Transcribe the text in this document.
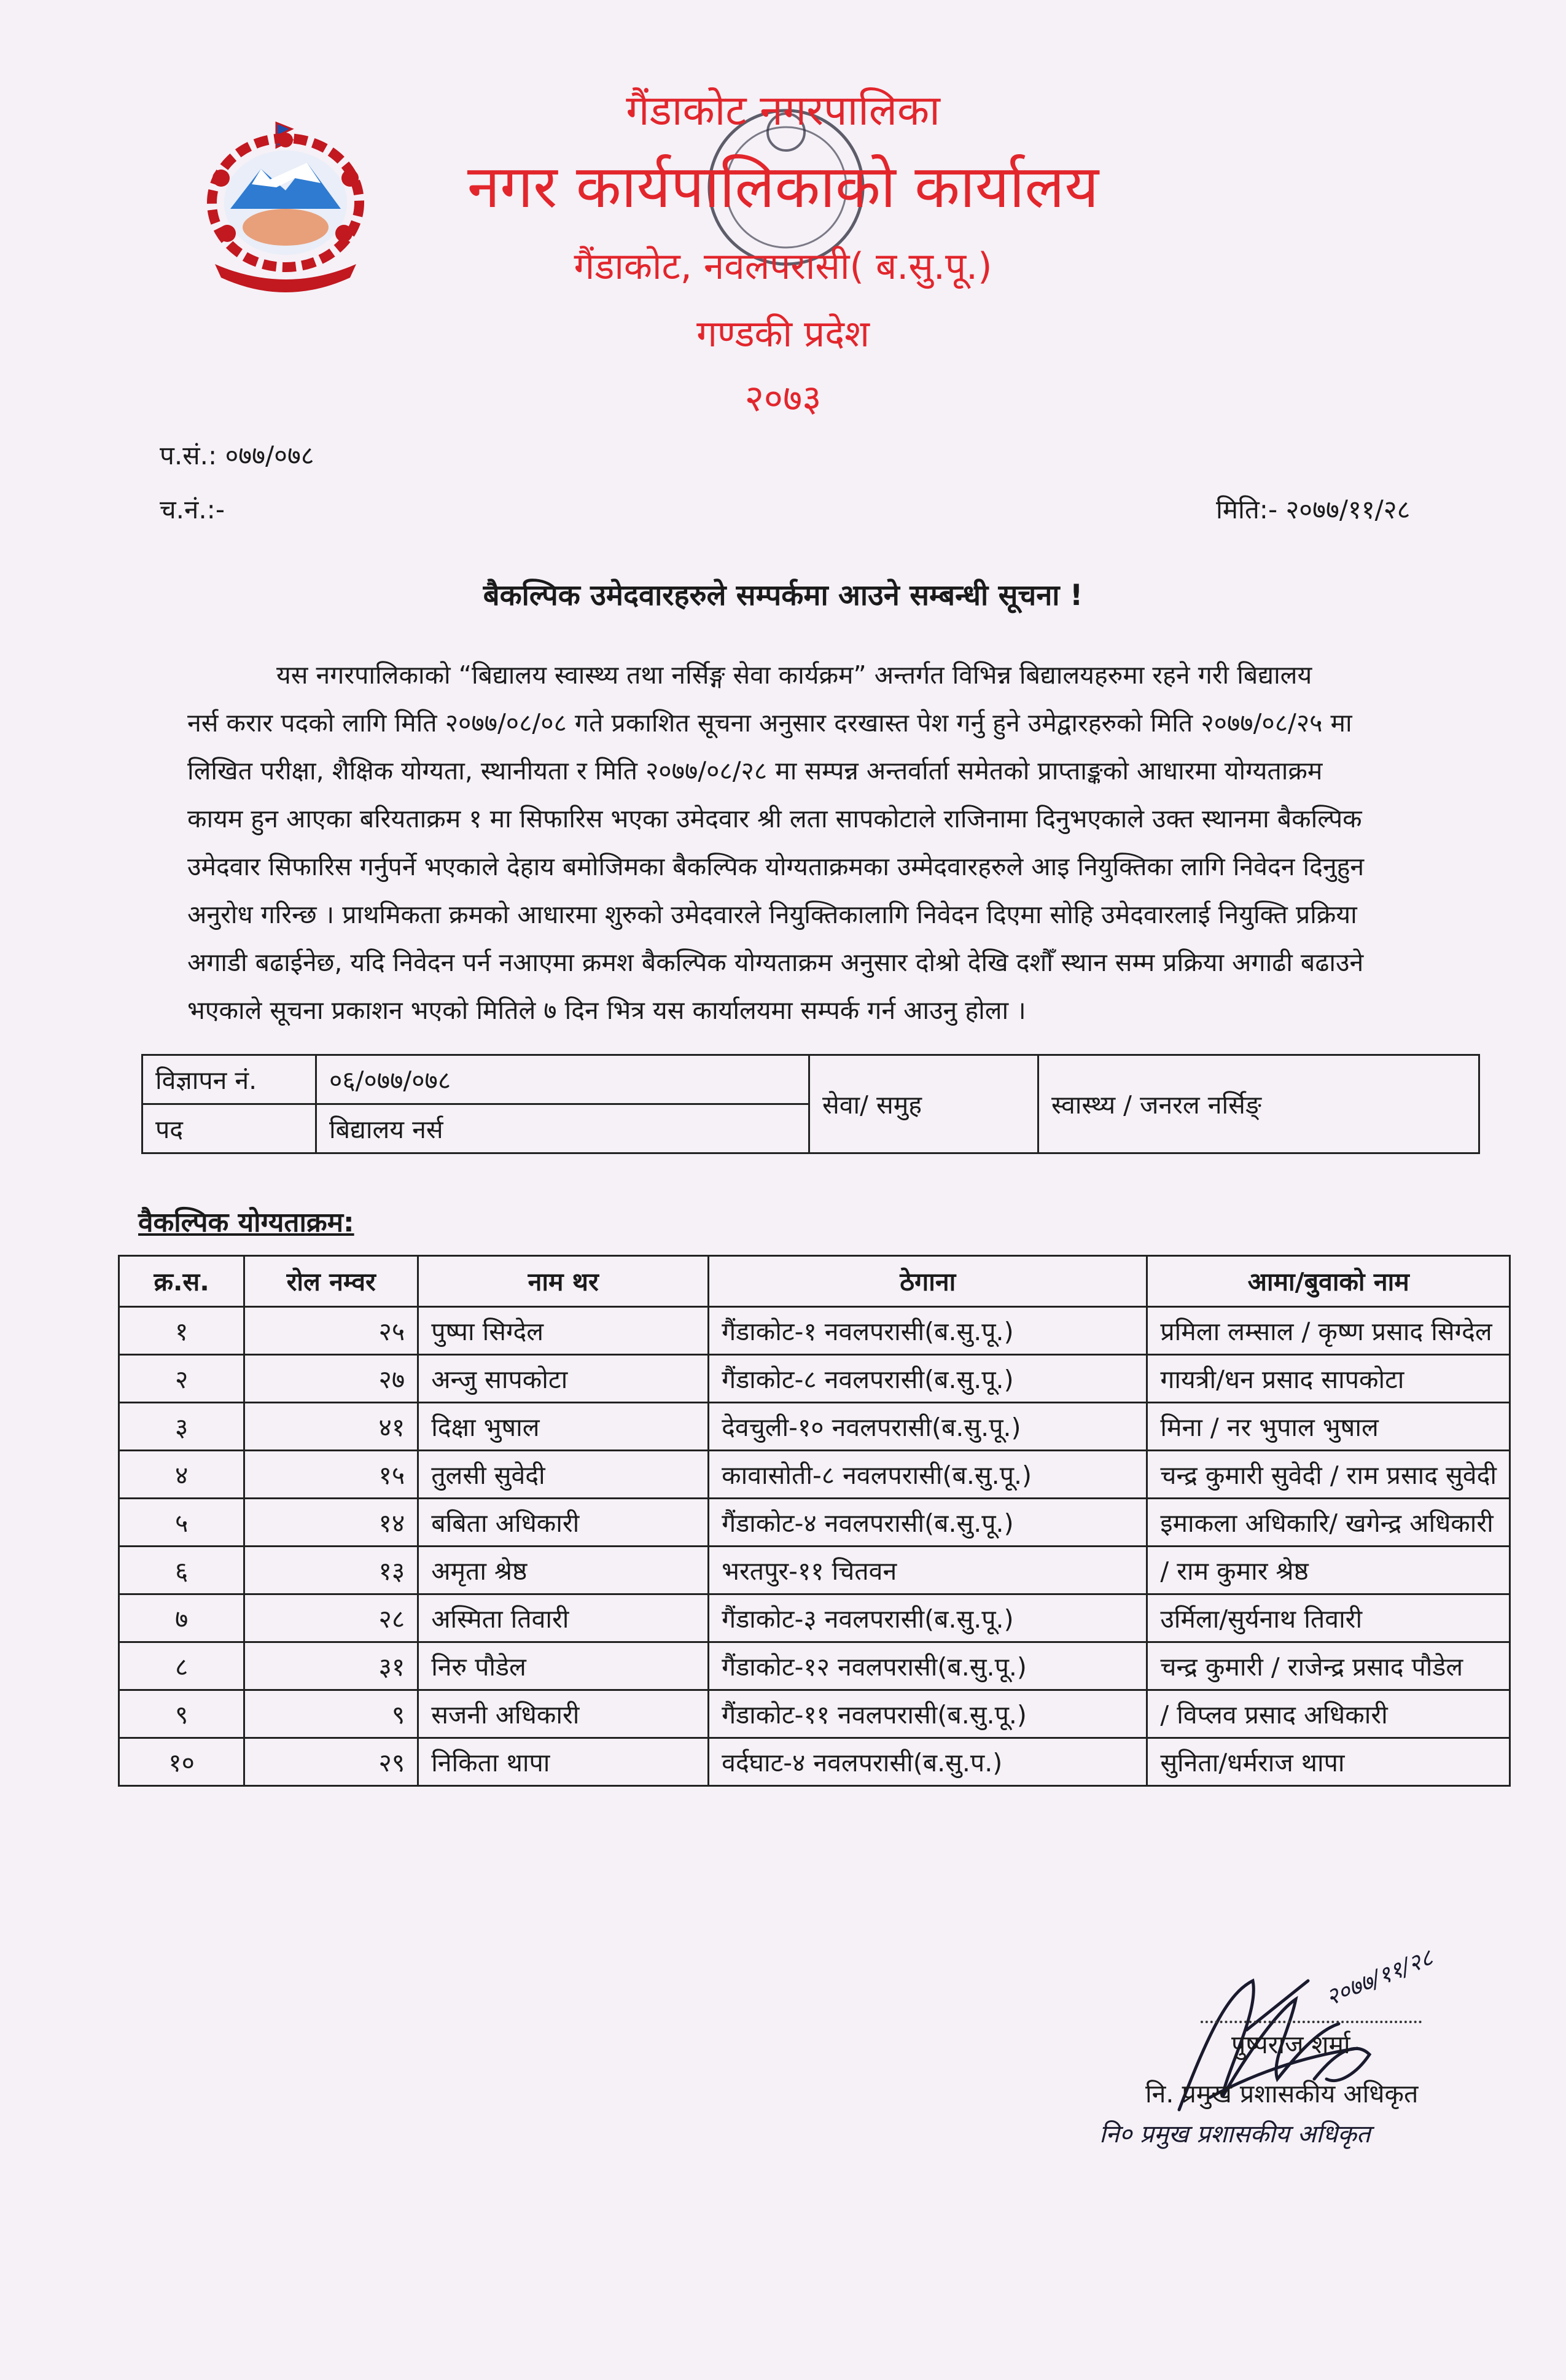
गैंडाकोट नगरपालिका
नगर कार्यपालिकाको कार्यालय
गैंडाकोट, नवलपरासी( ब.सु.पू.)
गण्डकी प्रदेश
२०७३
प.सं.: ०७७/०७८
च.नं.:-	मिति:- २०७७/११/२८
बैकल्पिक उमेदवारहरुले सम्पर्कमा आउने सम्बन्धी सूचना !
यस नगरपालिकाको “बिद्यालय स्वास्थ्य तथा नर्सिङ्ग सेवा कार्यक्रम” अन्तर्गत विभिन्न बिद्यालयहरुमा रहने गरी बिद्यालय
नर्स करार पदको लागि मिति २०७७/०८/०८ गते प्रकाशित सूचना अनुसार दरखास्त पेश गर्नु हुने उमेद्वारहरुको मिति २०७७/०८/२५ मा
लिखित परीक्षा, शैक्षिक योग्यता, स्थानीयता र मिति २०७७/०८/२८ मा सम्पन्न अन्तर्वार्ता समेतको प्राप्ताङ्कको आधारमा योग्यताक्रम
कायम हुन आएका बरियताक्रम १ मा सिफारिस भएका उमेदवार श्री लता सापकोटाले राजिनामा दिनुभएकाले उक्त स्थानमा बैकल्पिक
उमेदवार सिफारिस गर्नुपर्ने भएकाले देहाय बमोजिमका बैकल्पिक योग्यताक्रमका उम्मेदवारहरुले आइ नियुक्तिका लागि निवेदन दिनुहुन
अनुरोध गरिन्छ । प्राथमिकता क्रमको आधारमा शुरुको उमेदवारले नियुक्तिकालागि निवेदन दिएमा सोहि उमेदवारलाई नियुक्ति प्रक्रिया
अगाडी बढाईनेछ, यदि निवेदन पर्न नआएमा क्रमश बैकल्पिक योग्यताक्रम अनुसार दोश्रो देखि दशौँ स्थान सम्म प्रक्रिया अगाढी बढाउने
भएकाले सूचना प्रकाशन भएको मितिले ७ दिन भित्र यस कार्यालयमा सम्पर्क गर्न आउनु होला ।
विज्ञापन नं.	०६/०७७/०७८	सेवा/ समुह	स्वास्थ्य / जनरल नर्सिङ्
पद	बिद्यालय नर्स		
वैकल्पिक योग्यताक्रम:
क्र.स.	रोल नम्वर	नाम थर	ठेगाना	आमा/बुवाको नाम
१	२५	पुष्पा सिग्देल	गैंडाकोट-१ नवलपरासी(ब.सु.पू.)	प्रमिला लम्साल / कृष्ण प्रसाद सिग्देल
२	२७	अन्जु सापकोटा	गैंडाकोट-८ नवलपरासी(ब.सु.पू.)	गायत्री/धन प्रसाद सापकोटा
३	४१	दिक्षा भुषाल	देवचुली-१० नवलपरासी(ब.सु.पू.)	मिना / नर भुपाल भुषाल
४	१५	तुलसी सुवेदी	कावासोती-८ नवलपरासी(ब.सु.पू.)	चन्द्र कुमारी सुवेदी / राम प्रसाद सुवेदी
५	१४	बबिता अधिकारी	गैंडाकोट-४ नवलपरासी(ब.सु.पू.)	इमाकला अधिकारि/ खगेन्द्र अधिकारी
६	१३	अमृता श्रेष्ठ	भरतपुर-११ चितवन	/ राम कुमार श्रेष्ठ
७	२८	अस्मिता तिवारी	गैंडाकोट-३ नवलपरासी(ब.सु.पू.)	उर्मिला/सुर्यनाथ तिवारी
८	३१	निरु पौडेल	गैंडाकोट-१२ नवलपरासी(ब.सु.पू.)	चन्द्र कुमारी / राजेन्द्र प्रसाद पौडेल
९	९	सजनी अधिकारी	गैंडाकोट-११ नवलपरासी(ब.सु.पू.)	/ विप्लव प्रसाद अधिकारी
१०	२९	निकिता थापा	वर्दघाट-४ नवलपरासी(ब.सु.प.)	सुनिता/धर्मराज थापा
२०७७/११/२८
पुष्पराज शर्मा
नि. प्रमुख प्रशासकीय अधिकृत
नि० प्रमुख प्रशासकीय अधिकृत
